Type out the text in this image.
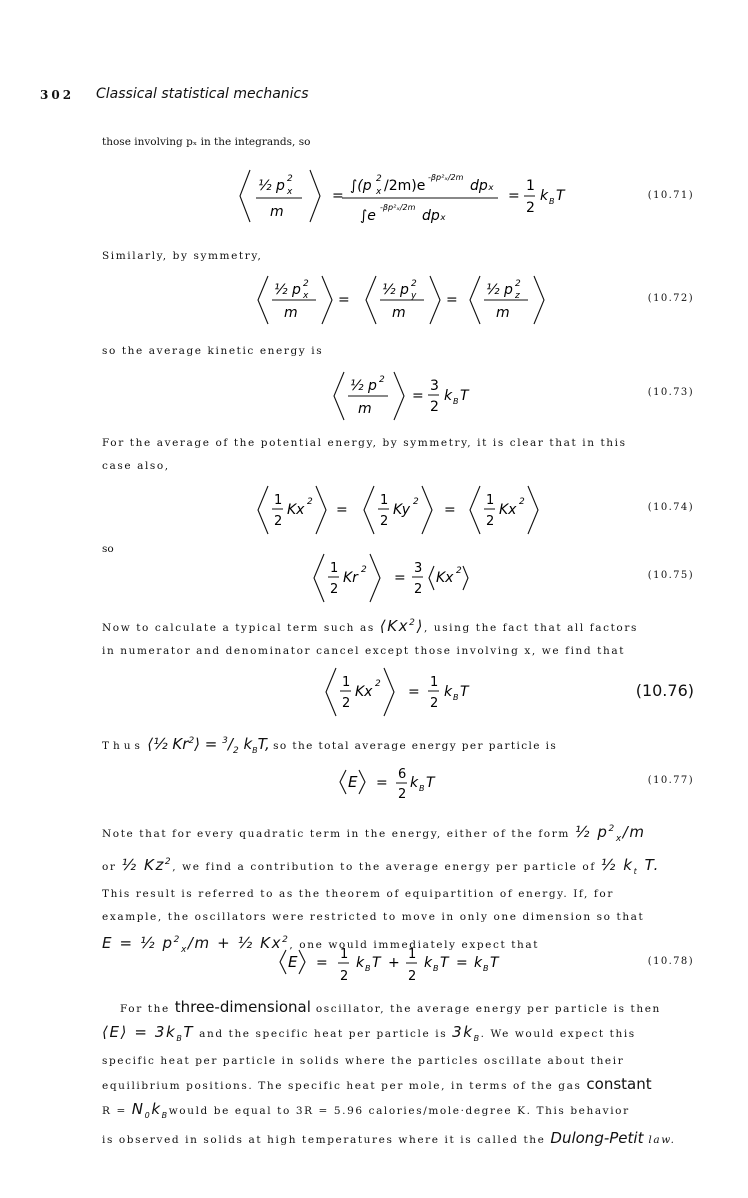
302 Classical statistical mechanics
those involving pₓ in the integrands, so
½ p x
2
m
=
∫(p 2
x /2m)e
-βp²ₓ/2m
dpₓ
∫e
-βp²ₓ/2m
dpₓ
=
1
2
k B T	(10.71)
Similarly, by symmetry,
½ p x
2
m
=
½ p y
2
m
=
½ p z
2
m
(10.72)
so the average kinetic energy is
½ p 2
m
=
3
2
k B T	(10.73)
For the average of the potential energy, by symmetry, it is clear that in this
case also,
1
2
Kx 2 =
1
2
Ky 2 =
1
2
Kx 2	(10.74)
so
1
2
Kr 2 =
3
2
Kx 2	(10.75)
Now to calculate a typical term such as ⟨Kx$^2$⟩, using the fact that all factors
in numerator and denominator cancel except those involving x, we find that
1
2
Kx 2 =
1
2
k B T	(10.76)
Thus ⟨½ $Kr^2⟩ = ^3/_2$ $k_BT$, so the total average energy per particle is
E =
6
2
k B T	(10.77)
Note that for every quadratic term in the energy, either of the form ½ $p^2_x/m$
or ½ Kz$^2$, we find a contribution to the average energy per particle of ½ $k_t$ T.
This result is referred to as the theorem of equipartition of energy. If, for
example, the oscillators were restricted to move in only one dimension so that
E = ½ $p^2_x/m$ + ½ Kx$^2$, one would immediately expect that
E =
1
2
k B T +
1
2
k B T = k B T	(10.78)
For the three-dimensional oscillator, the average energy per particle is then
⟨E⟩ = $3k_BT$ and the specific heat per particle is $3k_B$. We would expect this
specific heat per particle in solids where the particles oscillate about their
equilibrium positions. The specific heat per mole, in terms of the gas constant
$R = N_0k_Bwould$ be equal to 3R = 5.96 calories/mole·degree K. This behavior
is observed in solids at high temperatures where it is called the Dulong-Petit law.
